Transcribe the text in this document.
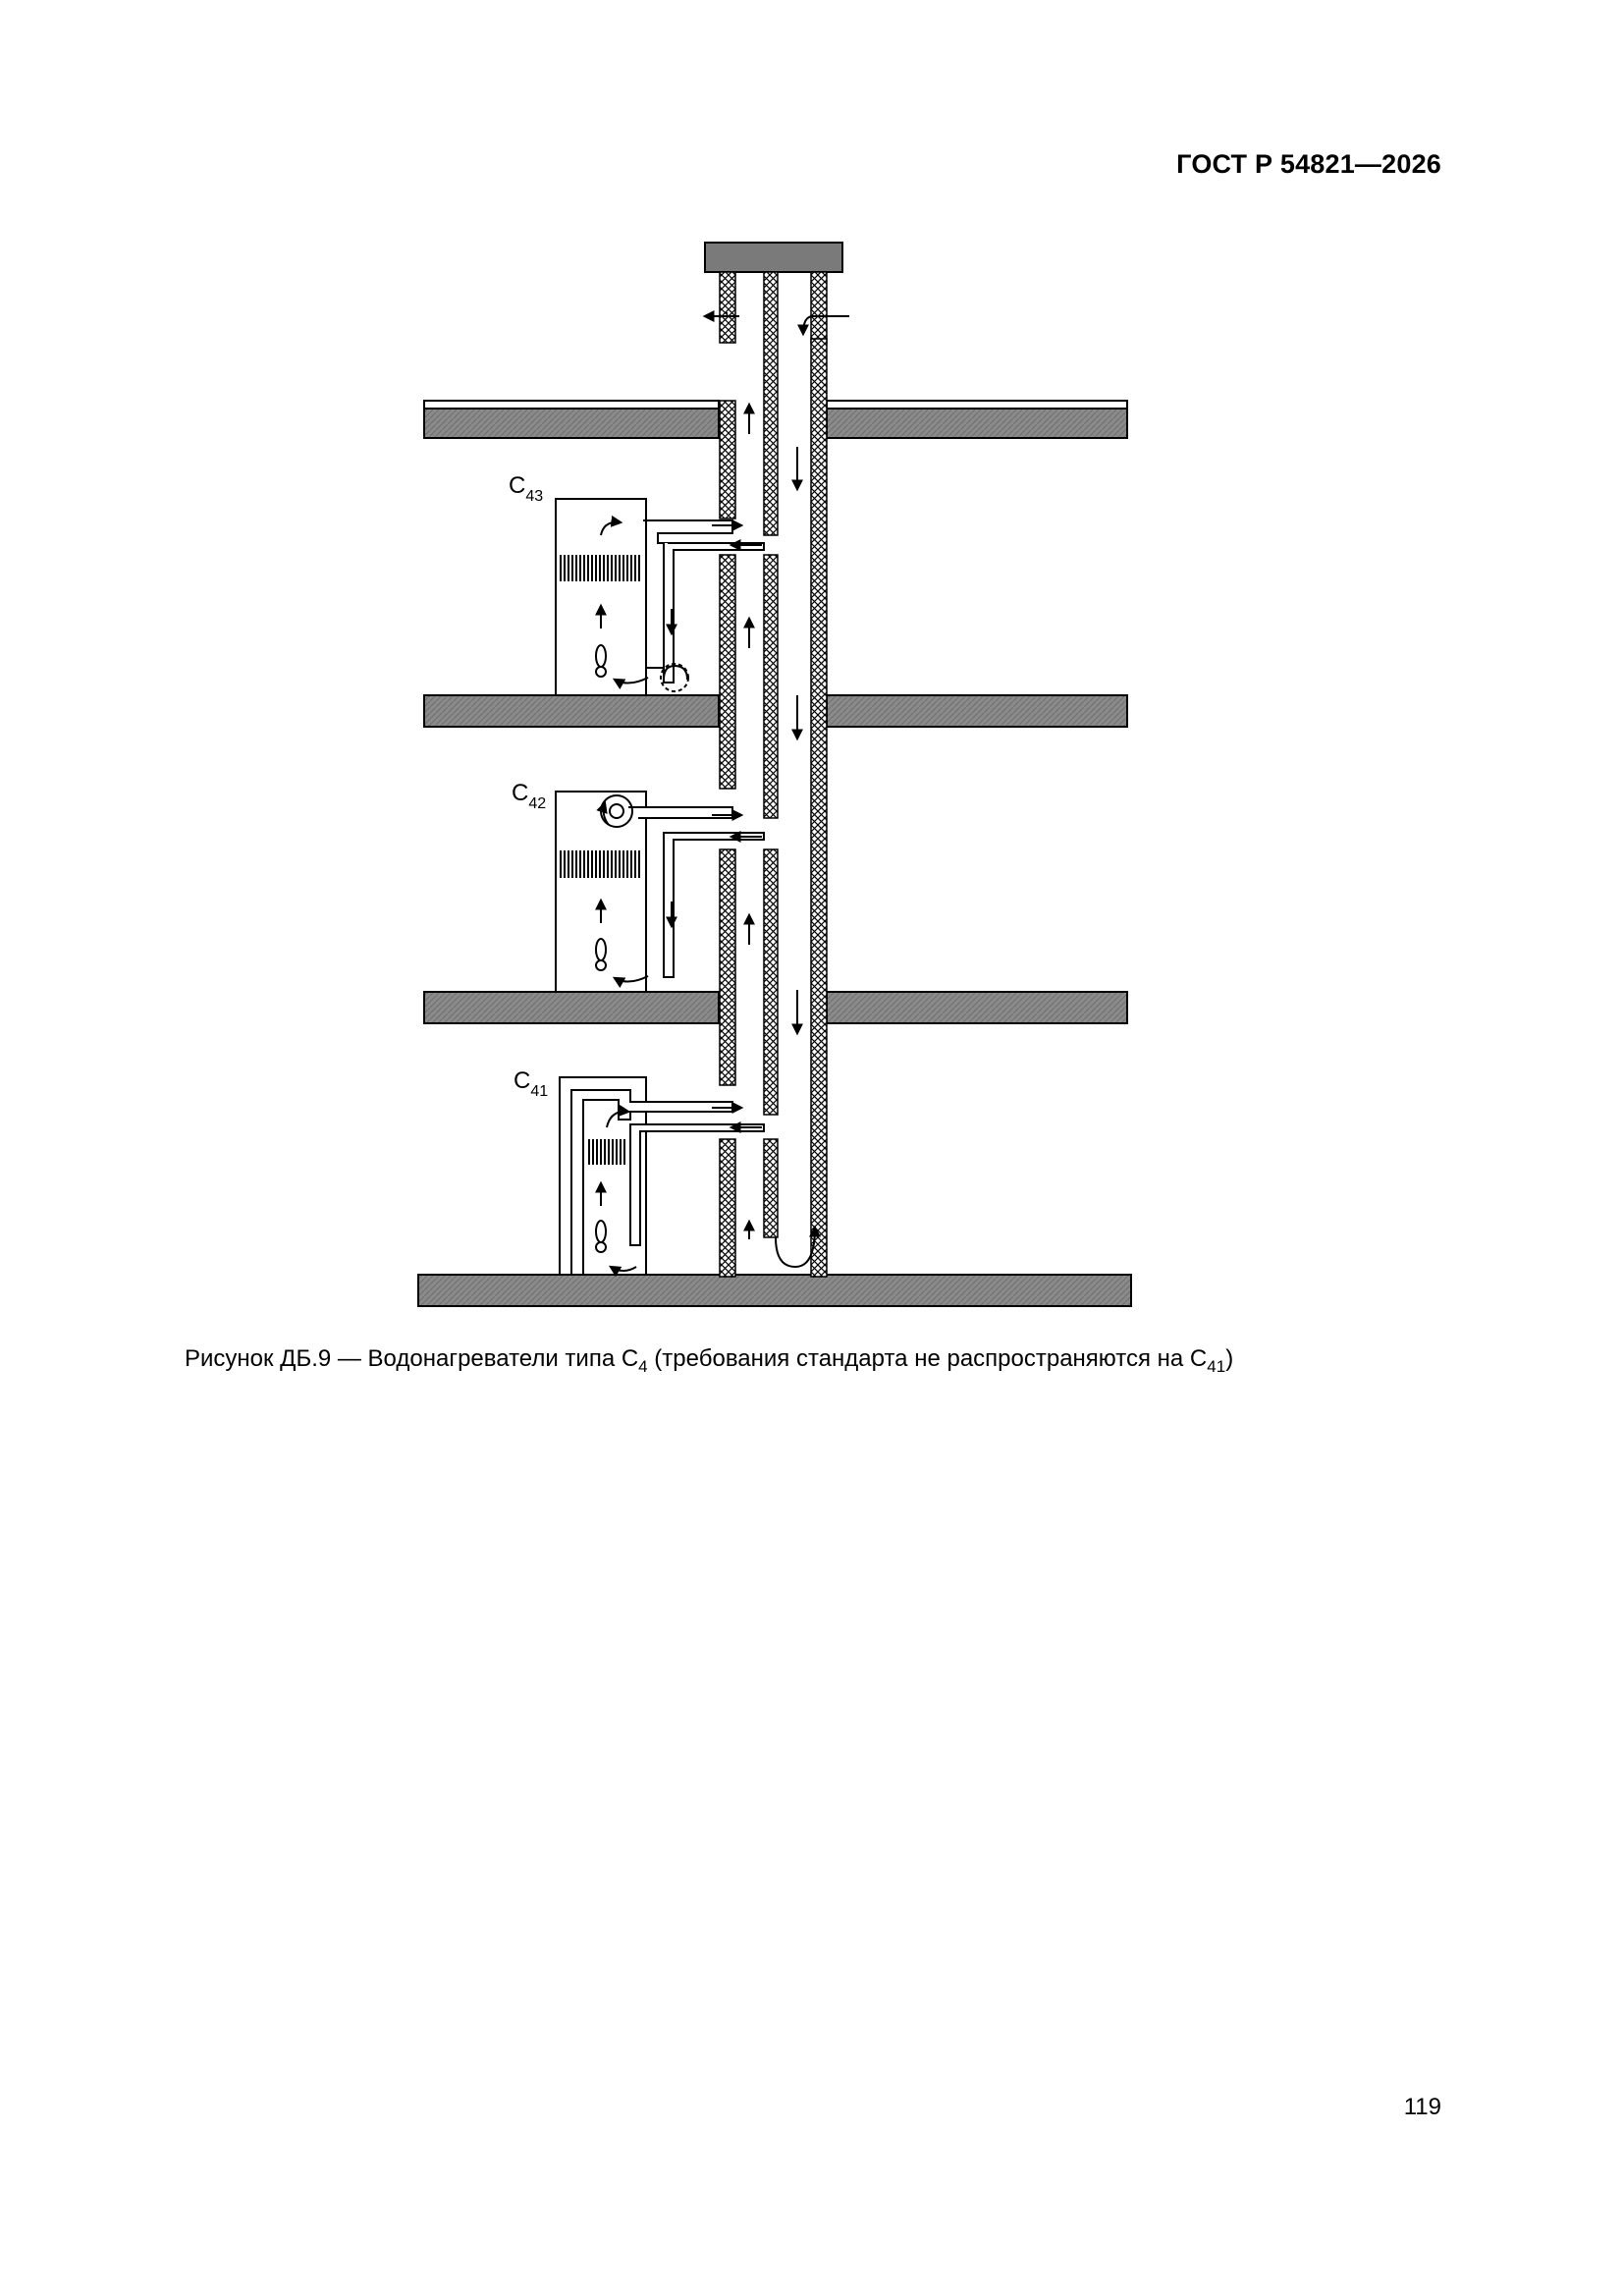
ГОСТ Р 54821—2026
$C_{43}$
$C_{42}$
$C_{41}$
Рисунок ДБ.9 — Водонагреватели типа $C_4$ (требования стандарта не распространяются на $C_{41}$)
119
